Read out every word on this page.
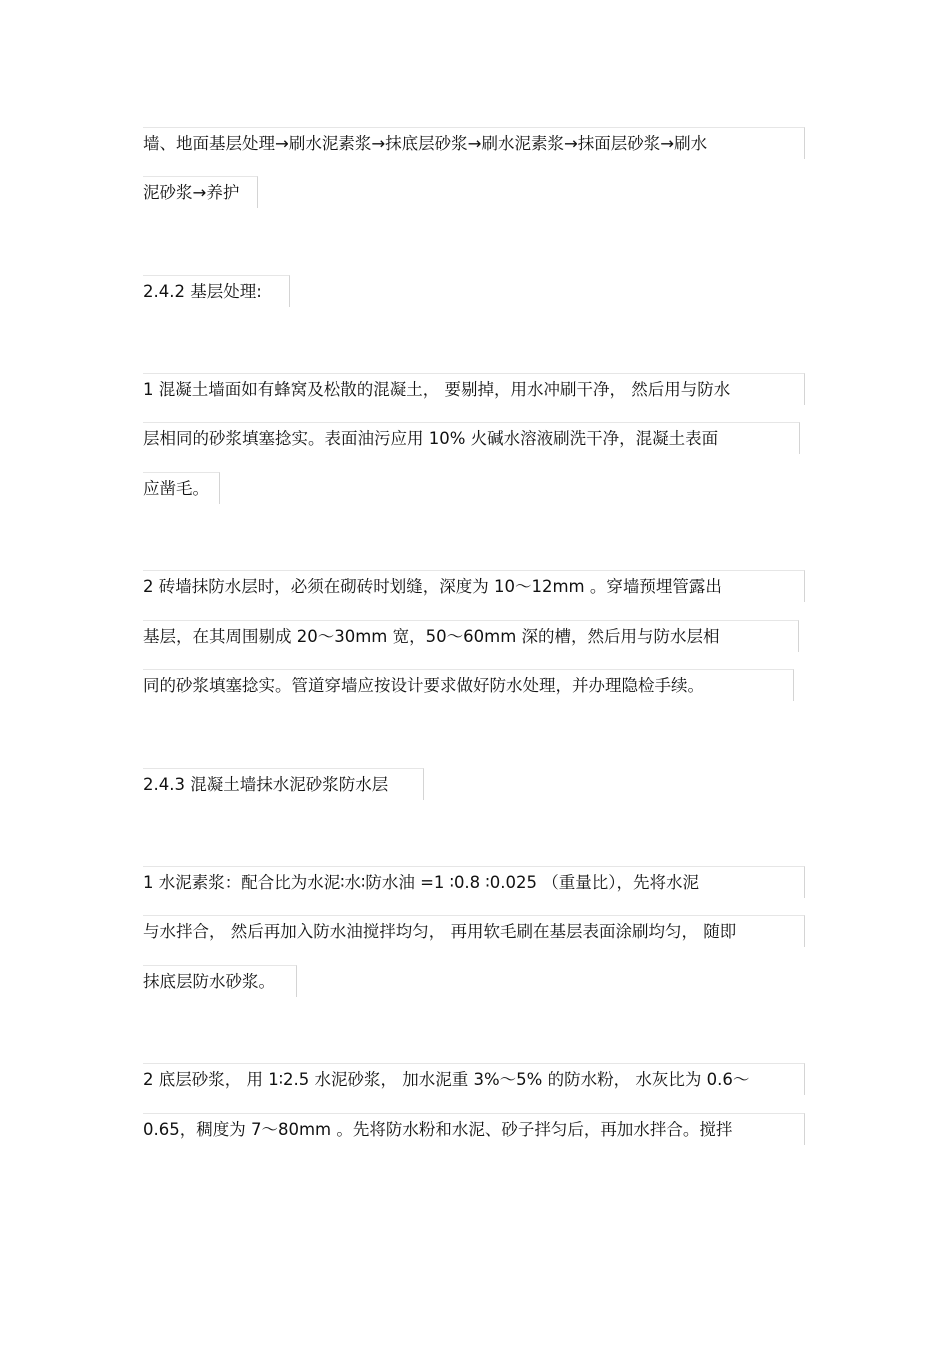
墙、地面基层处理→刷水泥素浆→抹底层砂浆→刷水泥素浆→抹面层砂浆→刷水
泥砂浆→养护
2.4.2 基层处理:
1 混凝土墙面如有蜂窝及松散的混凝土， 要剔掉，用水冲刷干净， 然后用与防水
层相同的砂浆填塞捻实。表面油污应用 10% 火碱水溶液刷洗干净，混凝土表面
应凿毛。
2 砖墙抹防水层时，必须在砌砖时划缝，深度为 10～12mm 。穿墙预埋管露出
基层，在其周围剔成 20～30mm 宽，50～60mm 深的槽，然后用与防水层相
同的砂浆填塞捻实。管道穿墙应按设计要求做好防水处理，并办理隐检手续。
2.4.3 混凝土墙抹水泥砂浆防水层
1 水泥素浆：配合比为水泥∶水∶防水油 =1 ∶0.8 ∶0.025 （重量比），先将水泥
与水拌合， 然后再加入防水油搅拌均匀， 再用软毛刷在基层表面涂刷均匀， 随即
抹底层防水砂浆。
2 底层砂浆， 用 1∶2.5 水泥砂浆， 加水泥重 3%～5% 的防水粉， 水灰比为 0.6～
0.65，稠度为 7～80mm 。先将防水粉和水泥、砂子拌匀后，再加水拌合。搅拌
